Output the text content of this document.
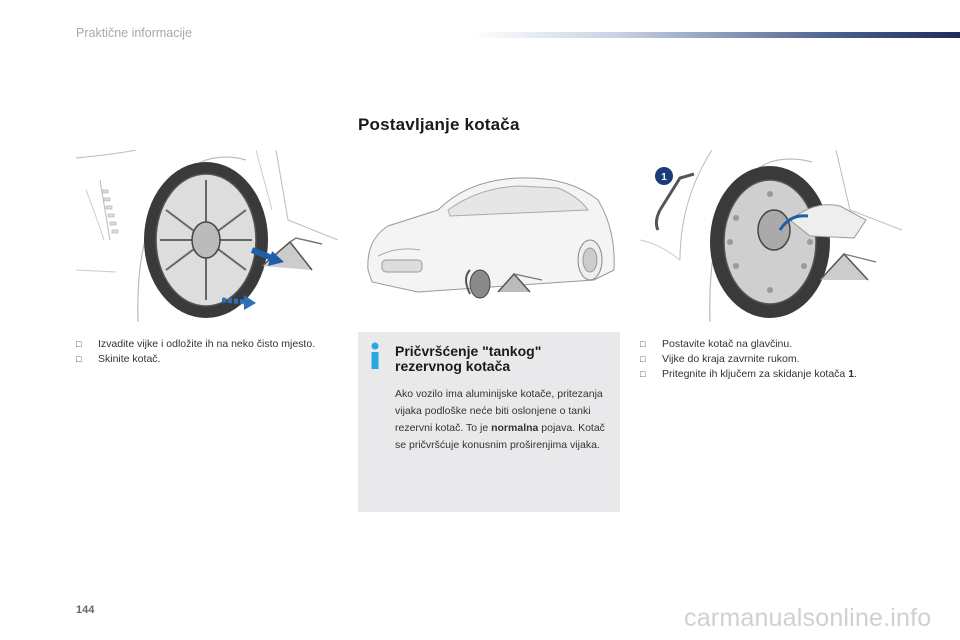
Praktične informacije
Postavljanje kotača
1
□ Izvadite vijke i odložite ih na neko čisto mjesto.
□ Skinite kotač.	Pričvršćenje "tankog" rezervnog kotača
Ako vozilo ima aluminijske kotače, pritezanja vijaka podloške neće biti oslonjene o tanki rezervni kotač. To je normalna pojava. Kotač se pričvršćuje konusnim proširenjima vijaka.
□ Postavite kotač na glavčinu.
□ Vijke do kraja zavrnite rukom.
□ Pritegnite ih ključem za skidanje kotača 1.
144	carmanualsonline.info
